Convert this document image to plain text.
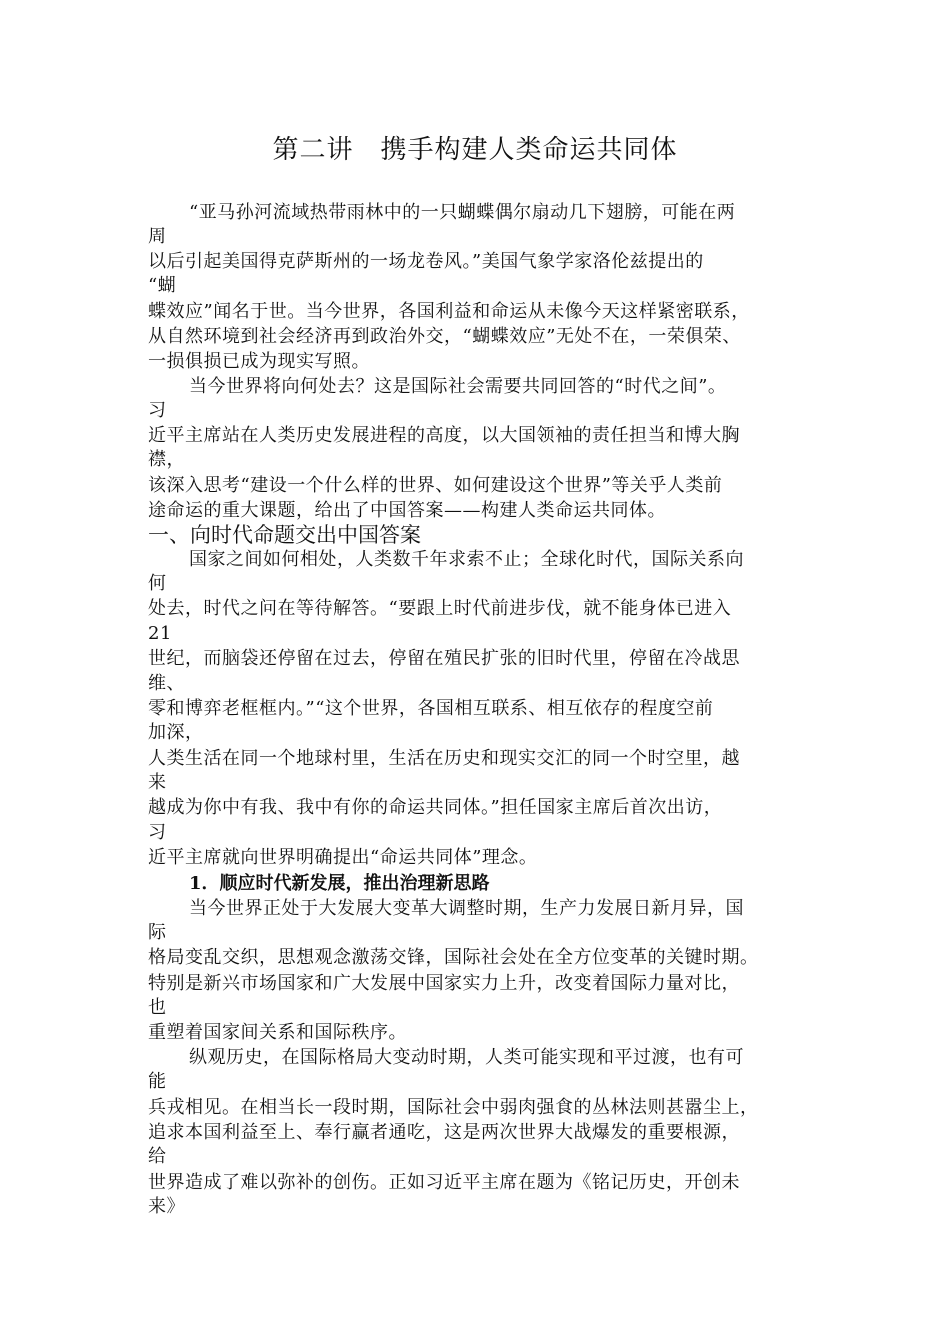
第二讲　携手构建人类命运共同体
“亚马孙河流域热带雨林中的一只蝴蝶偶尔扇动几下翅膀，可能在两
周
以后引起美国得克萨斯州的一场龙卷风。”美国气象学家洛伦兹提出的
“蝴
蝶效应”闻名于世。当今世界，各国利益和命运从未像今天这样紧密联系，
从自然环境到社会经济再到政治外交，“蝴蝶效应”无处不在，一荣俱荣、
一损俱损已成为现实写照。
当今世界将向何处去？这是国际社会需要共同回答的“时代之间”。
习
近平主席站在人类历史发展进程的高度，以大国领袖的责任担当和博大胸
襟，
该深入思考“建设一个什么样的世界、如何建设这个世界”等关乎人类前
途命运的重大课题，给出了中国答案——构建人类命运共同体。
一、向时代命题交出中国答案
国家之间如何相处，人类数千年求索不止；全球化时代，国际关系向
何
处去，时代之问在等待解答。“要跟上时代前进步伐，就不能身体已进入
21
世纪，而脑袋还停留在过去，停留在殖民扩张的旧时代里，停留在冷战思
维、
零和博弈老框框内。”“这个世界，各国相互联系、相互依存的程度空前
加深，
人类生活在同一个地球村里，生活在历史和现实交汇的同一个时空里，越
来
越成为你中有我、我中有你的命运共同体。”担任国家主席后首次出访，
习
近平主席就向世界明确提出“命运共同体”理念。
1．顺应时代新发展，推出治理新思路
当今世界正处于大发展大变革大调整时期，生产力发展日新月异，国
际
格局变乱交织，思想观念激荡交锋，国际社会处在全方位变革的关键时期。
特别是新兴市场国家和广大发展中国家实力上升，改变着国际力量对比，
也
重塑着国家间关系和国际秩序。
纵观历史，在国际格局大变动时期，人类可能实现和平过渡，也有可
能
兵戎相见。在相当长一段时期，国际社会中弱肉强食的丛林法则甚嚣尘上，
追求本国利益至上、奉行赢者通吃，这是两次世界大战爆发的重要根源，
给
世界造成了难以弥补的创伤。正如习近平主席在题为《铭记历史，开创未
来》
